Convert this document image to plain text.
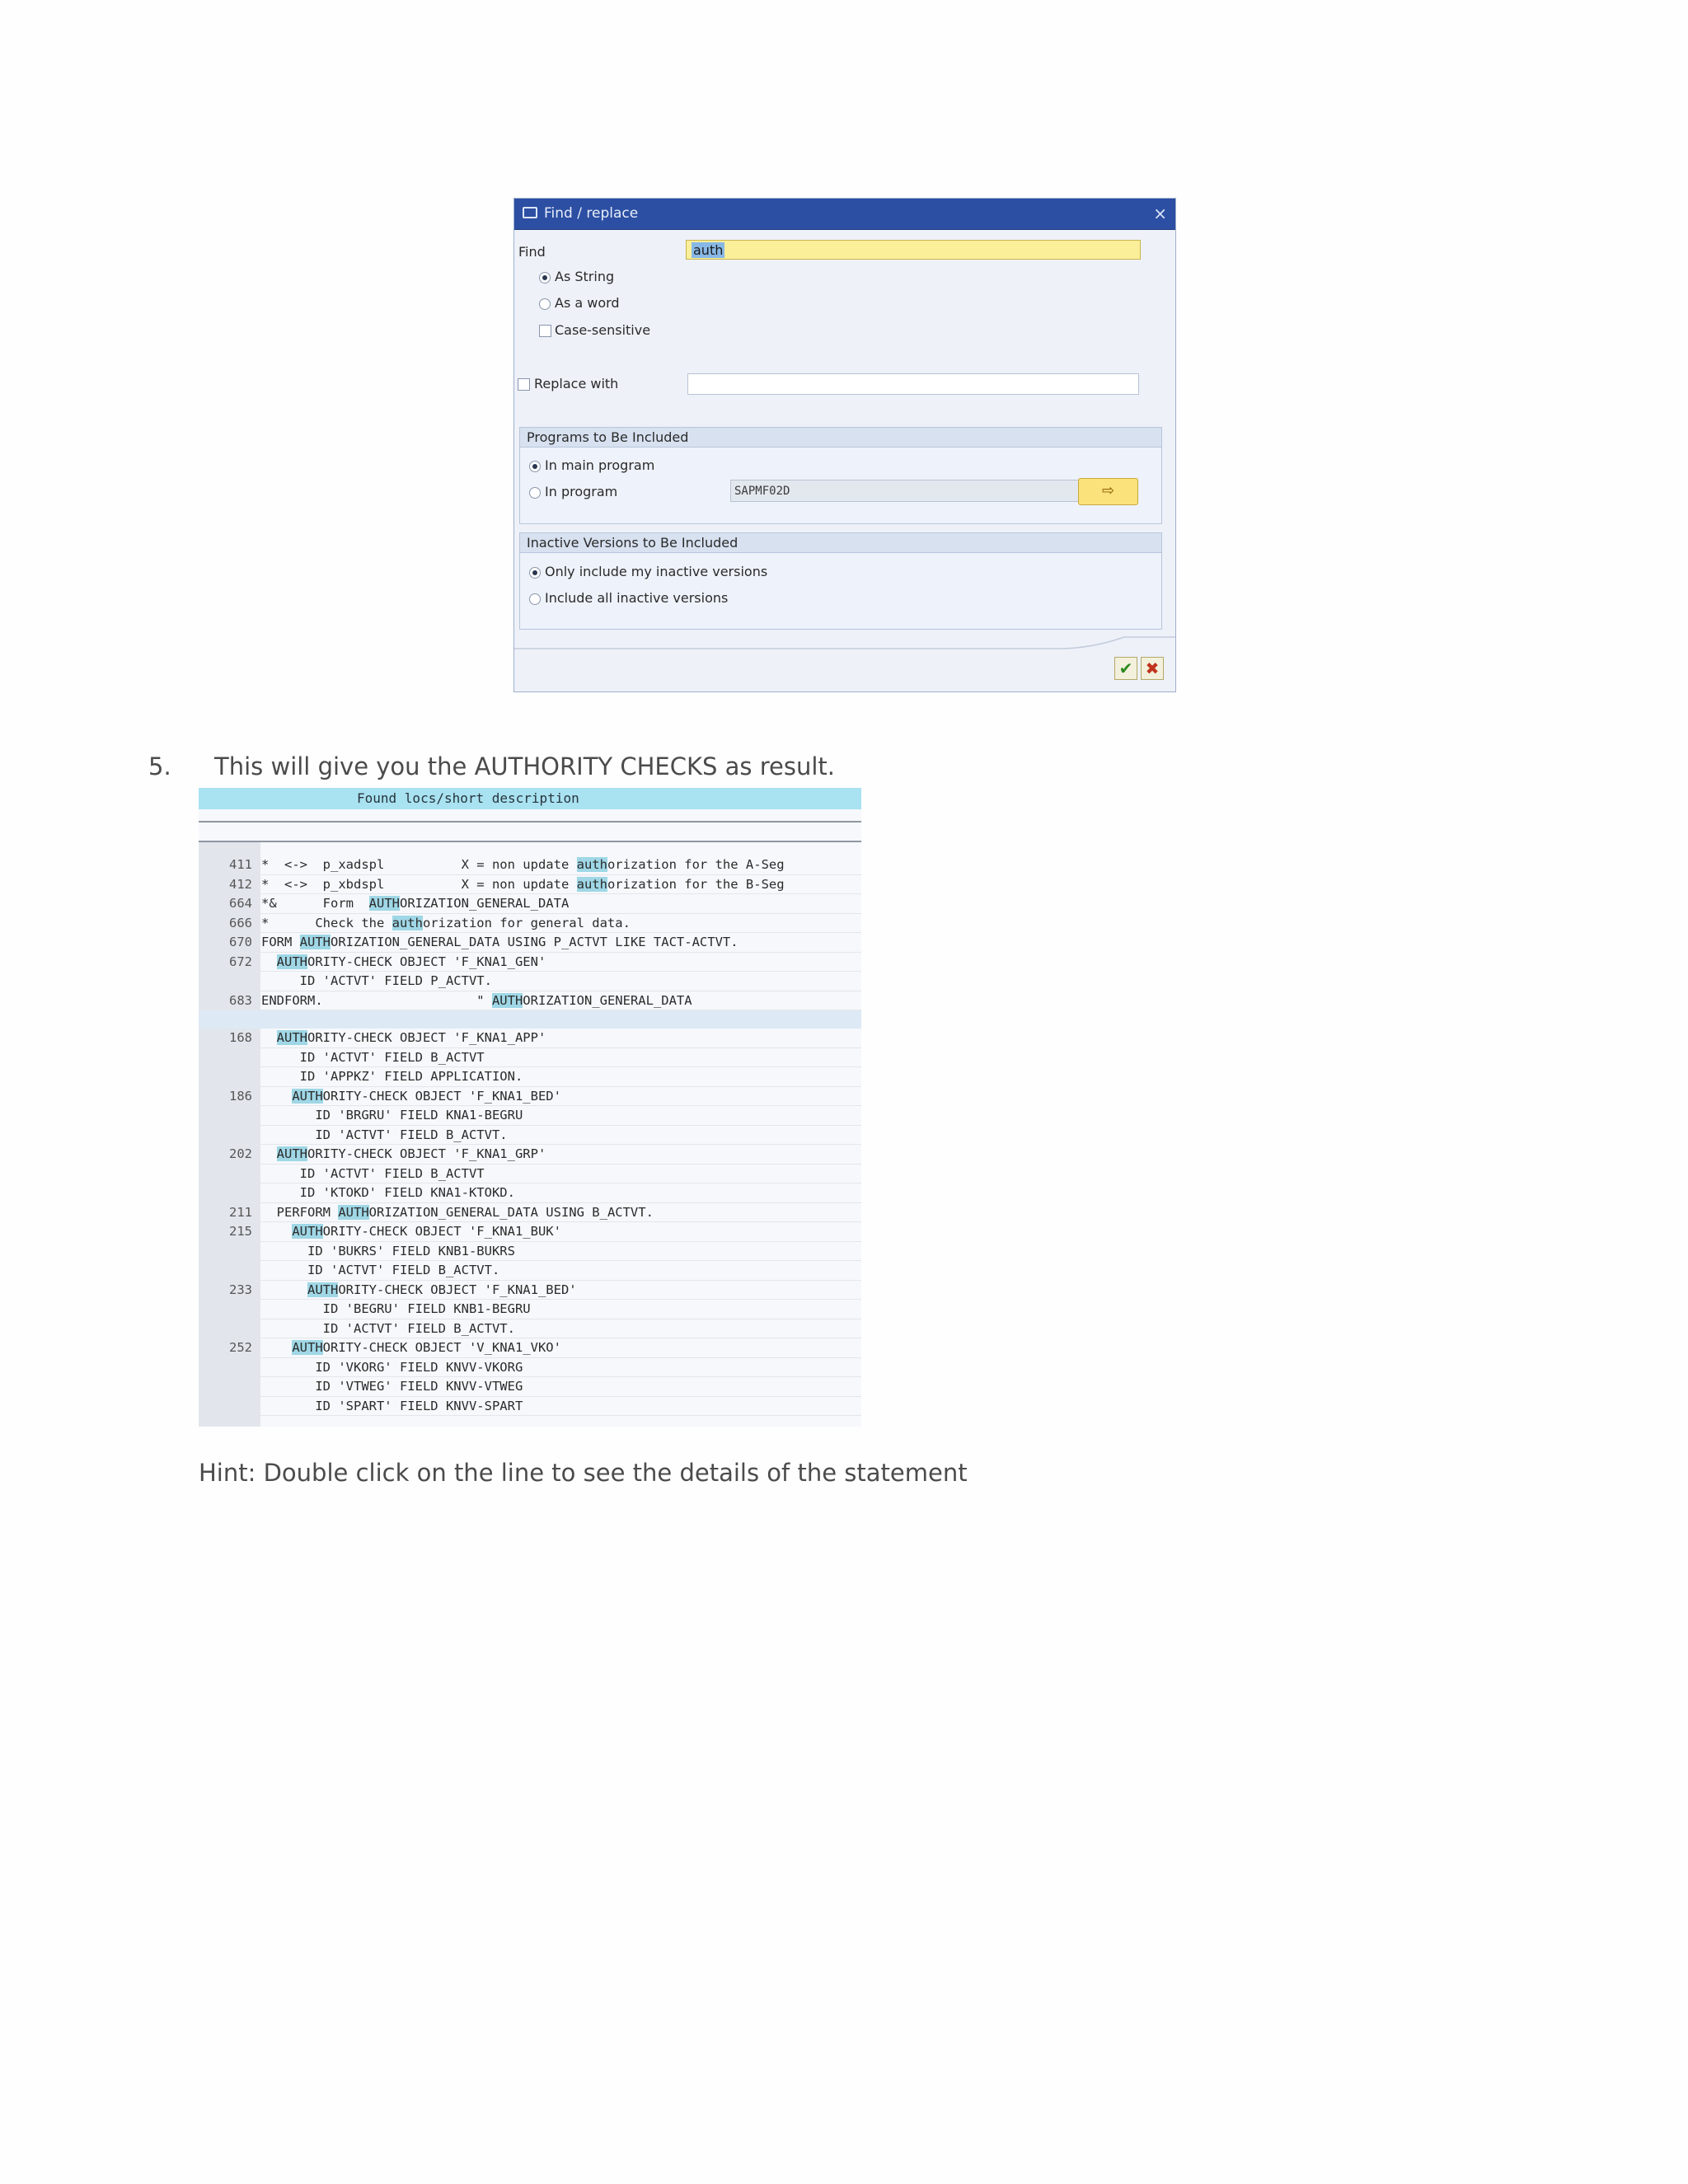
Find / replace	×
Find	auth
As String
As a word
Case-sensitive
Replace with
Programs to Be Included
In main program
In program	SAPMF02D	⇨
Inactive Versions to Be Included
Only include my inactive versions
Include all inactive versions
✔ ✖
5. This will give you the AUTHORITY CHECKS as result.
Found locs/short description
411 *  <->  p_xadspl          X = non update authorization for the A-Seg
412 *  <->  p_xbdspl          X = non update authorization for the B-Seg
664 *&      Form  AUTHORIZATION_GENERAL_DATA
666 *      Check the authorization for general data.
670 FORM AUTHORIZATION_GENERAL_DATA USING P_ACTVT LIKE TACT-ACTVT.
672	AUTHORITY-CHECK OBJECT 'F_KNA1_GEN'
ID 'ACTVT' FIELD P_ACTVT.
683 ENDFORM.                    " AUTHORIZATION_GENERAL_DATA
168	AUTHORITY-CHECK OBJECT 'F_KNA1_APP'
ID 'ACTVT' FIELD B_ACTVT
ID 'APPKZ' FIELD APPLICATION.
186	AUTHORITY-CHECK OBJECT 'F_KNA1_BED'
ID 'BRGRU' FIELD KNA1-BEGRU
ID 'ACTVT' FIELD B_ACTVT.
202	AUTHORITY-CHECK OBJECT 'F_KNA1_GRP'
ID 'ACTVT' FIELD B_ACTVT
ID 'KTOKD' FIELD KNA1-KTOKD.
211 PERFORM AUTHORIZATION_GENERAL_DATA USING B_ACTVT.
215	AUTHORITY-CHECK OBJECT 'F_KNA1_BUK'
ID 'BUKRS' FIELD KNB1-BUKRS
ID 'ACTVT' FIELD B_ACTVT.
233	AUTHORITY-CHECK OBJECT 'F_KNA1_BED'
ID 'BEGRU' FIELD KNB1-BEGRU
ID 'ACTVT' FIELD B_ACTVT.
252	AUTHORITY-CHECK OBJECT 'V_KNA1_VKO'
ID 'VKORG' FIELD KNVV-VKORG
ID 'VTWEG' FIELD KNVV-VTWEG
ID 'SPART' FIELD KNVV-SPART
Hint: Double click on the line to see the details of the statement
